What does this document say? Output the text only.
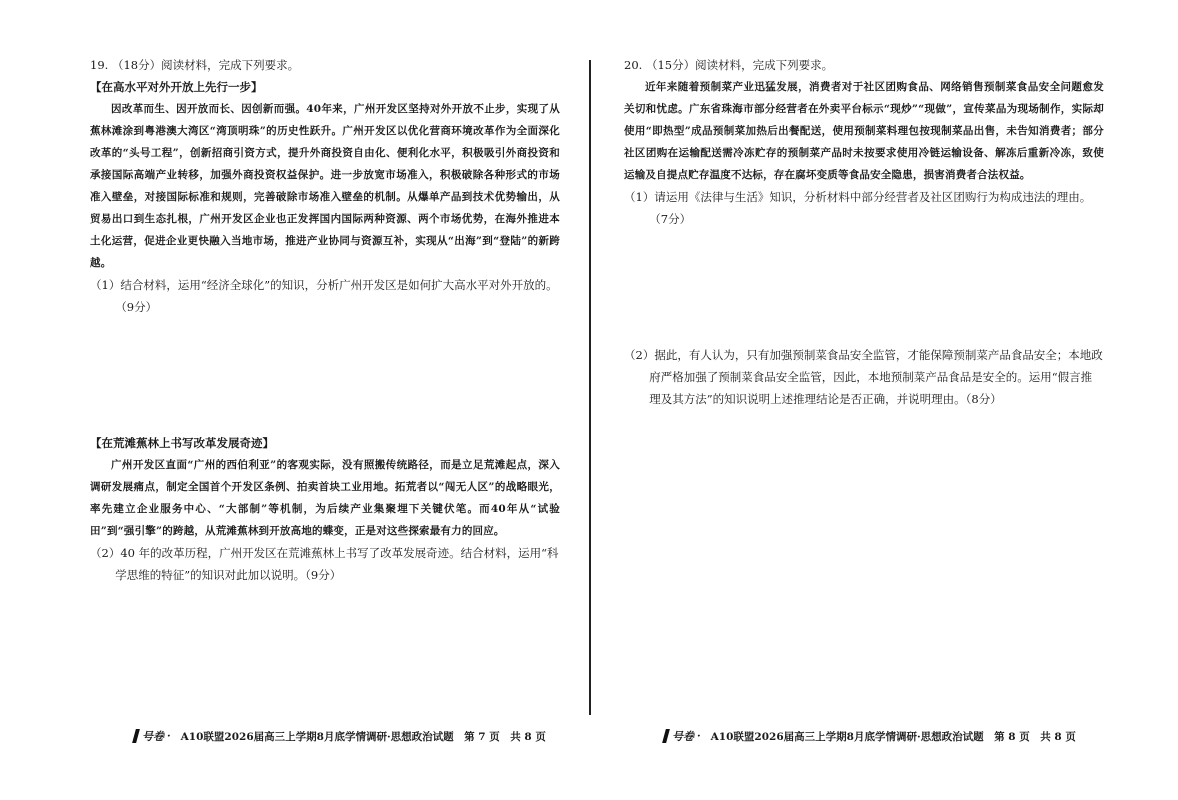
19. （18分）阅读材料，完成下列要求。
【在高水平对外开放上先行一步】

因改革而生、因开放而长、因创新而强。40年来，广州开发区坚持对外开放不止步，实现了从蕉林滩涂到粤港澳大湾区“湾顶明珠”的历史性跃升。广州开发区以优化营商环境改革作为全面深化改革的“头号工程”，创新招商引资方式，提升外商投资自由化、便利化水平，积极吸引外商投资和承接国际高端产业转移，加强外商投资权益保护。进一步放宽市场准入，积极破除各种形式的市场准入壁垒，对接国际标准和规则，完善破除市场准入壁垒的机制。从爆单产品到技术优势输出，从贸易出口到生态扎根，广州开发区企业也正发挥国内国际两种资源、两个市场优势，在海外推进本土化运营，促进企业更快融入当地市场，推进产业协同与资源互补，实现从“出海”到“登陆”的新跨越。

（1）结合材料，运用“经济全球化”的知识，分析广州开发区是如何扩大高水平对外开放的。
（9分）
【在荒滩蕉林上书写改革发展奇迹】

广州开发区直面“广州的西伯利亚”的客观实际，没有照搬传统路径，而是立足荒滩起点，深入调研发展痛点，制定全国首个开发区条例、拍卖首块工业用地。拓荒者以“闯无人区”的战略眼光，率先建立企业服务中心、“大部制”等机制，为后续产业集聚埋下关键伏笔。而40年从“试验田”到“强引擎”的跨越，从荒滩蕉林到开放高地的蝶变，正是对这些探索最有力的回应。

（2）40 年的改革历程，广州开发区在荒滩蕉林上书写了改革发展奇迹。结合材料，运用“科
学思维的特征”的知识对此加以说明。（9分）
号卷 · A10联盟2026届高三上学期8月底学情调研·思想政治试题　第 7 页　共 8 页
20. （15分）阅读材料，完成下列要求。

近年来随着预制菜产业迅猛发展，消费者对于社区团购食品、网络销售预制菜食品安全问题愈发关切和忧虑。广东省珠海市部分经营者在外卖平台标示“现炒”“现做”，宣传菜品为现场制作，实际却使用“即热型”成品预制菜加热后出餐配送，使用预制菜料理包按现制菜品出售，未告知消费者；部分社区团购在运输配送需冷冻贮存的预制菜产品时未按要求使用冷链运输设备、解冻后重新冷冻，致使运输及自提点贮存温度不达标，存在腐坏变质等食品安全隐患，损害消费者合法权益。

（1）请运用《法律与生活》知识，分析材料中部分经营者及社区团购行为构成违法的理由。
（7分）
（2）据此，有人认为，只有加强预制菜食品安全监管，才能保障预制菜产品食品安全；本地政
府严格加强了预制菜食品安全监管，因此，本地预制菜产品食品是安全的。运用“假言推
理及其方法”的知识说明上述推理结论是否正确，并说明理由。（8分）
号卷 · A10联盟2026届高三上学期8月底学情调研·思想政治试题　第 8 页　共 8 页
